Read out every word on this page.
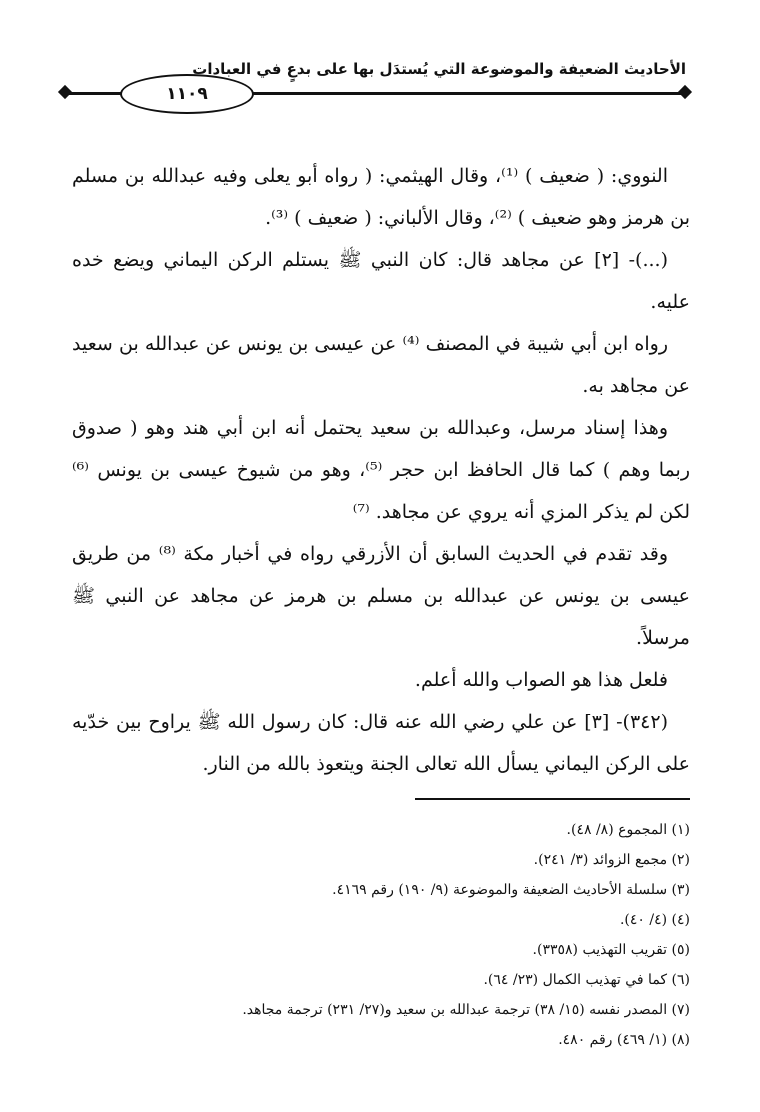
١١٠٩
الأحاديث الضعيفة والموضوعة التي يُستدَل بها على بدعٍ في العبادات

النووي: ( ضعيف ) ⁽¹⁾، وقال الهيثمي: ( رواه أبو يعلى وفيه عبدالله بن مسلم بن هرمز وهو ضعيف ) ⁽²⁾، وقال الألباني: ( ضعيف ) ⁽³⁾.

(...)- [٢] عن مجاهد قال: كان النبي ﷺ يستلم الركن اليماني ويضع خده عليه.

رواه ابن أبي شيبة في المصنف ⁽⁴⁾ عن عيسى بن يونس عن عبدالله بن سعيد عن مجاهد به.

وهذا إسناد مرسل، وعبدالله بن سعيد يحتمل أنه ابن أبي هند وهو ( صدوق ربما وهم ) كما قال الحافظ ابن حجر ⁽⁵⁾، وهو من شيوخ عيسى بن يونس ⁽⁶⁾ لكن لم يذكر المزي أنه يروي عن مجاهد. ⁽⁷⁾

وقد تقدم في الحديث السابق أن الأزرقي رواه في أخبار مكة ⁽⁸⁾ من طريق عيسى بن يونس عن عبدالله بن مسلم بن هرمز عن مجاهد عن النبي ﷺ مرسلاً.

فلعل هذا هو الصواب والله أعلم.

(٣٤٢)- [٣] عن علي رضي الله عنه قال: كان رسول الله ﷺ يراوح بين خدّيه على الركن اليماني يسأل الله تعالى الجنة ويتعوذ بالله من النار.

(١) المجموع (٨/ ٤٨).
(٢) مجمع الزوائد (٣/ ٢٤١).
(٣) سلسلة الأحاديث الضعيفة والموضوعة (٩/ ١٩٠) رقم ٤١٦٩.
(٤) (٤/ ٤٠).
(٥) تقريب التهذيب (٣٣٥٨).
(٦) كما في تهذيب الكمال (٢٣/ ٦٤).
(٧) المصدر نفسه (١٥/ ٣٨) ترجمة عبدالله بن سعيد و(٢٧/ ٢٣١) ترجمة مجاهد.
(٨) (١/ ٤٦٩) رقم ٤٨٠.
